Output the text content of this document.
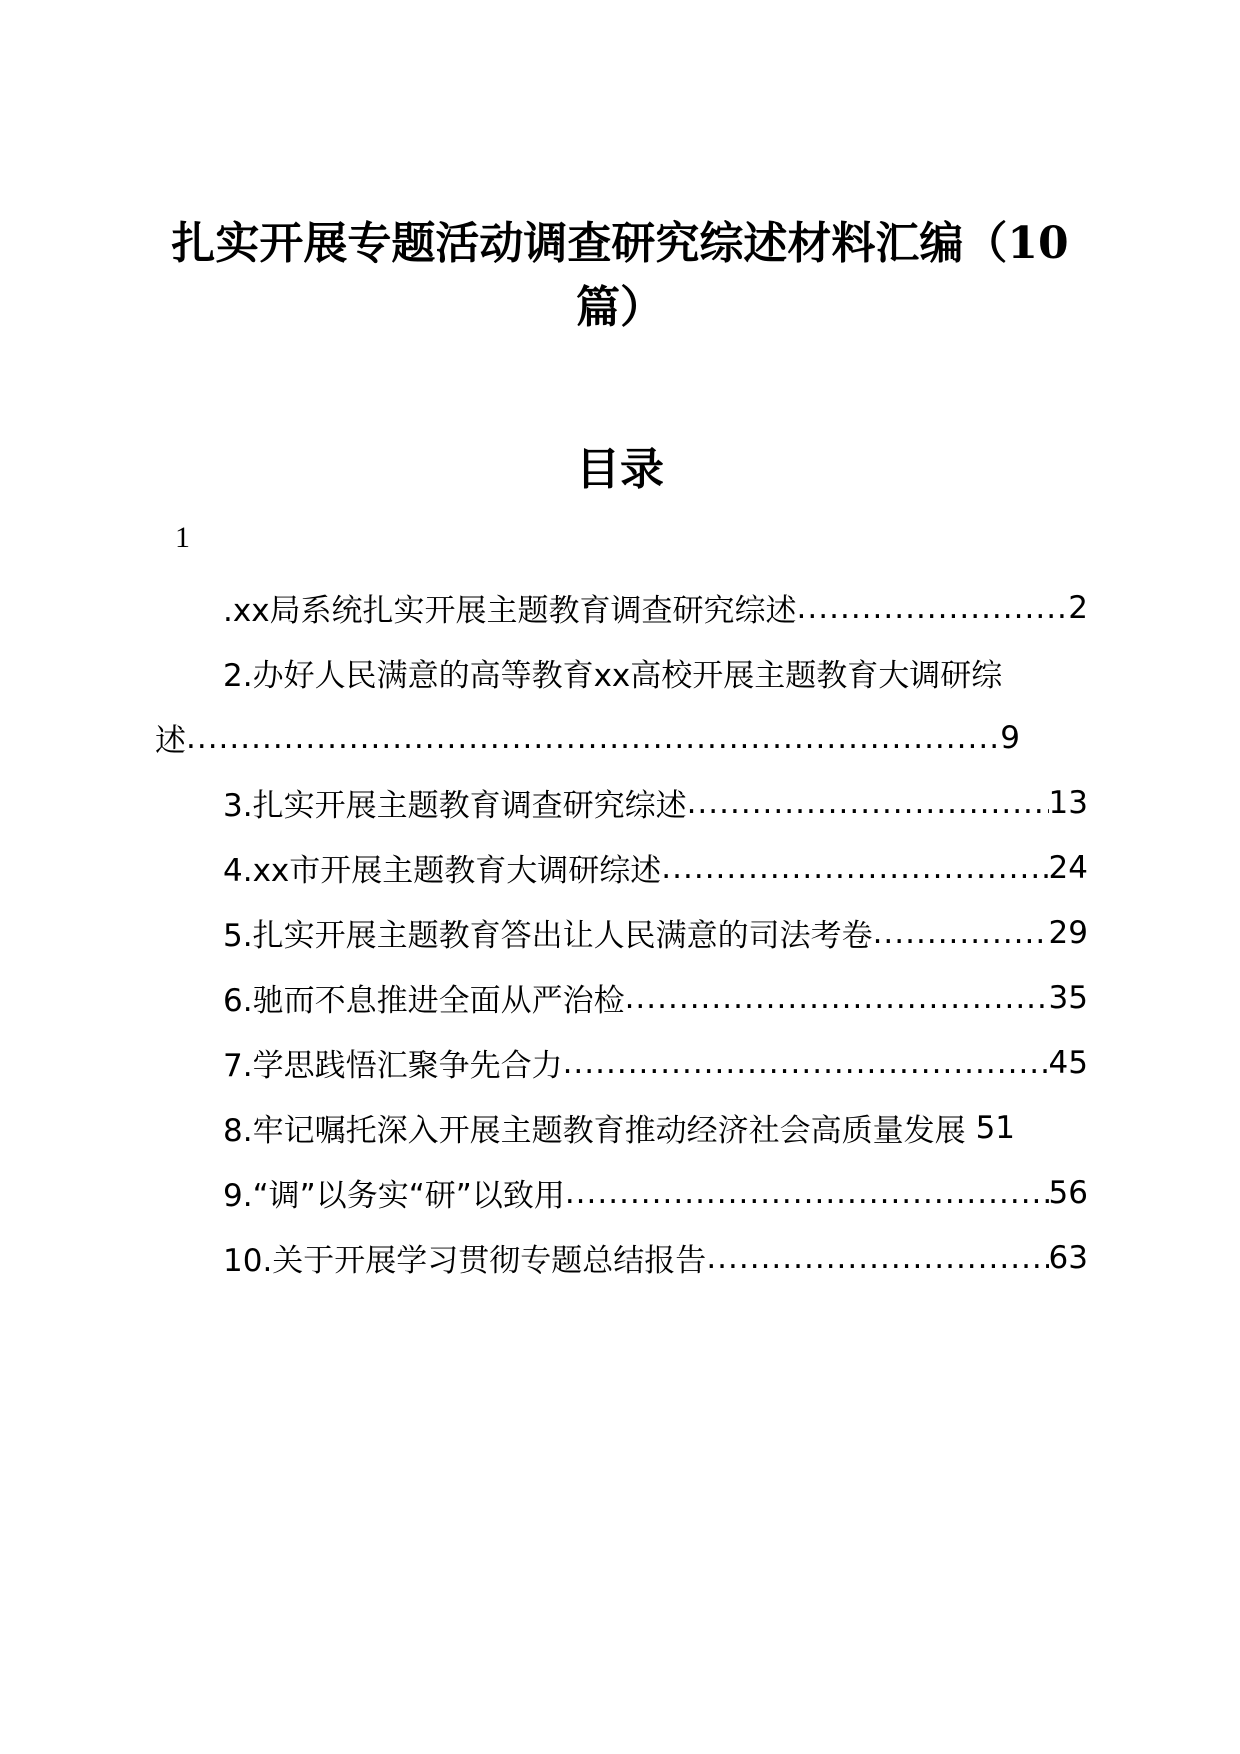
扎实开展专题活动调查研究综述材料汇编（10
篇）
目录
1
.xx局系统扎实开展主题教育调查研究综述 .....	2
2.办好人民满意的高等教育xx高校开展主题教育大调研综
述 .....	9
3.扎实开展主题教育调查研究综述 .....	13
4.xx市开展主题教育大调研综述 .....	24
5.扎实开展主题教育答出让人民满意的司法考卷 .....	29
6.驰而不息推进全面从严治检 .....	35
7.学思践悟汇聚争先合力 .....	45
8.牢记嘱托深入开展主题教育推动经济社会高质量发展 51
9.“调”以务实“研”以致用 .....	56
10.关于开展学习贯彻专题总结报告 .....	63
